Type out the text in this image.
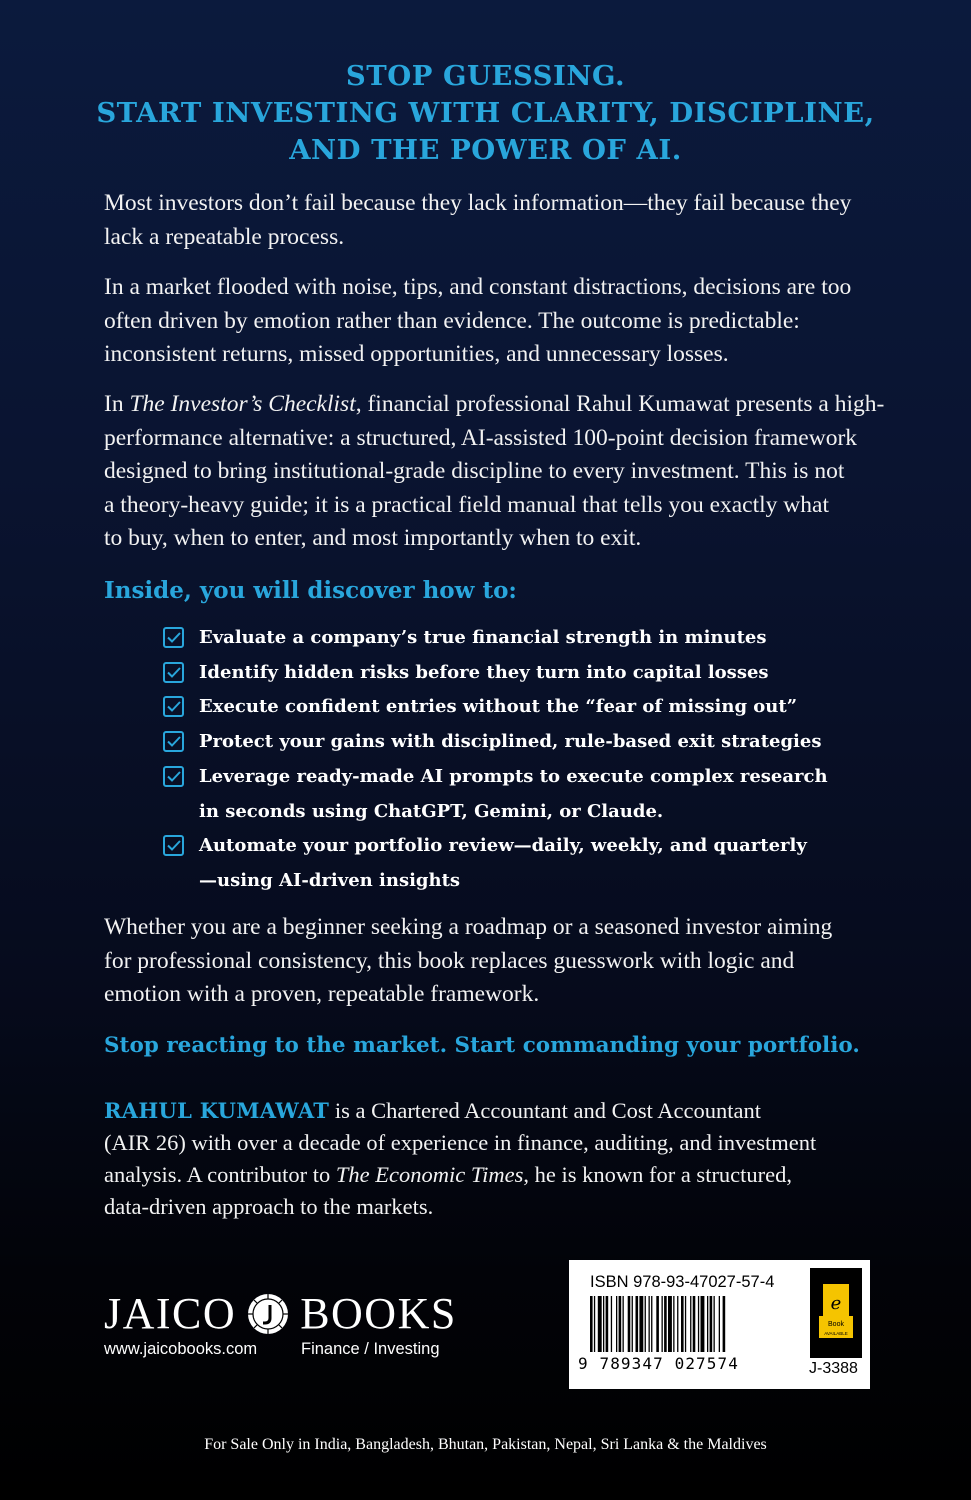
STOP GUESSING.
START INVESTING WITH CLARITY, DISCIPLINE,
AND THE POWER OF AI.
Most investors don’t fail because they lack information—they fail because they
lack a repeatable process.
In a market flooded with noise, tips, and constant distractions, decisions are too
often driven by emotion rather than evidence. The outcome is predictable:
inconsistent returns, missed opportunities, and unnecessary losses.
In The Investor’s Checklist, financial professional Rahul Kumawat presents a high-
performance alternative: a structured, AI-assisted 100-point decision framework
designed to bring institutional-grade discipline to every investment. This is not
a theory-heavy guide; it is a practical field manual that tells you exactly what
to buy, when to enter, and most importantly when to exit.
Inside, you will discover how to:
Evaluate a company’s true financial strength in minutes
Identify hidden risks before they turn into capital losses
Execute confident entries without the “fear of missing out”
Protect your gains with disciplined, rule-based exit strategies
Leverage ready-made AI prompts to execute complex research
in seconds using ChatGPT, Gemini, or Claude.
Automate your portfolio review—daily, weekly, and quarterly
—using AI-driven insights
Whether you are a beginner seeking a roadmap or a seasoned investor aiming
for professional consistency, this book replaces guesswork with logic and
emotion with a proven, repeatable framework.
Stop reacting to the market. Start commanding your portfolio.
RAHUL KUMAWAT is a Chartered Accountant and Cost Accountant
(AIR 26) with over a decade of experience in finance, auditing, and investment
analysis. A contributor to The Economic Times, he is known for a structured,
data-driven approach to the markets.
JAICO BOOKS
www.jaicobooks.com	Finance / Investing
ISBN 978-93-47027-57-4
9 789347 027574
e
Book
AVAILABLE
J-3388
For Sale Only in India, Bangladesh, Bhutan, Pakistan, Nepal, Sri Lanka & the Maldives
